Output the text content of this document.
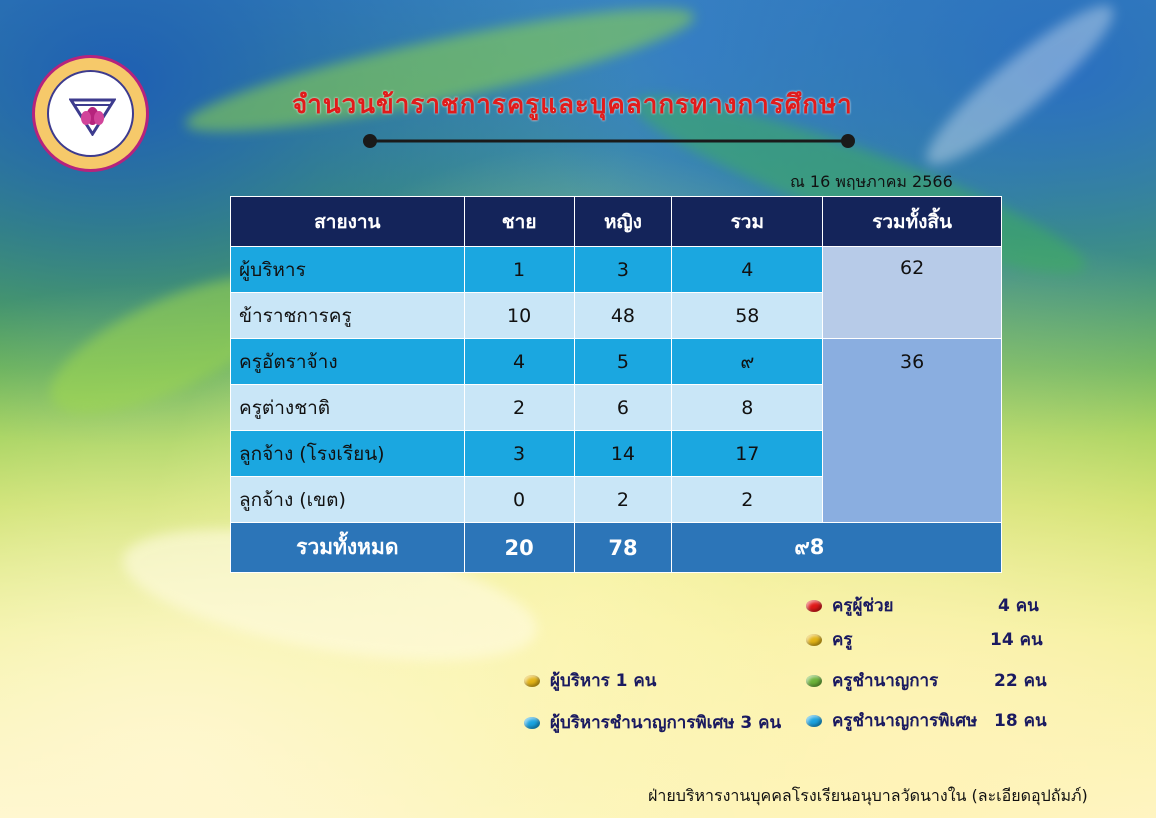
จำนวนข้าราชการครูและบุคลากรทางการศึกษา
ณ 16 พฤษภาคม 2566
สายงาน	ชาย	หญิง	รวม	รวมทั้งสิ้น
ผู้บริหาร	1	3	4	62
ข้าราชการครู	10	48	58	
ครูอัตราจ้าง	4	5	๙	36
ครูต่างชาติ	2	6	8	
ลูกจ้าง (โรงเรียน)	3	14	17	
ลูกจ้าง (เขต)	0	2	2	
รวมทั้งหมด	20	78	๙8	
ครูผู้ช่วย	4 คน
ครู	14 คน
ครูชำนาญการ	22 คน
ครูชำนาญการพิเศษ 18 คน
ผู้บริหาร 1 คน
ผู้บริหารชำนาญการพิเศษ 3 คน
ฝ่ายบริหารงานบุคคลโรงเรียนอนุบาลวัดนางใน (ละเอียดอุปถัมภ์)
